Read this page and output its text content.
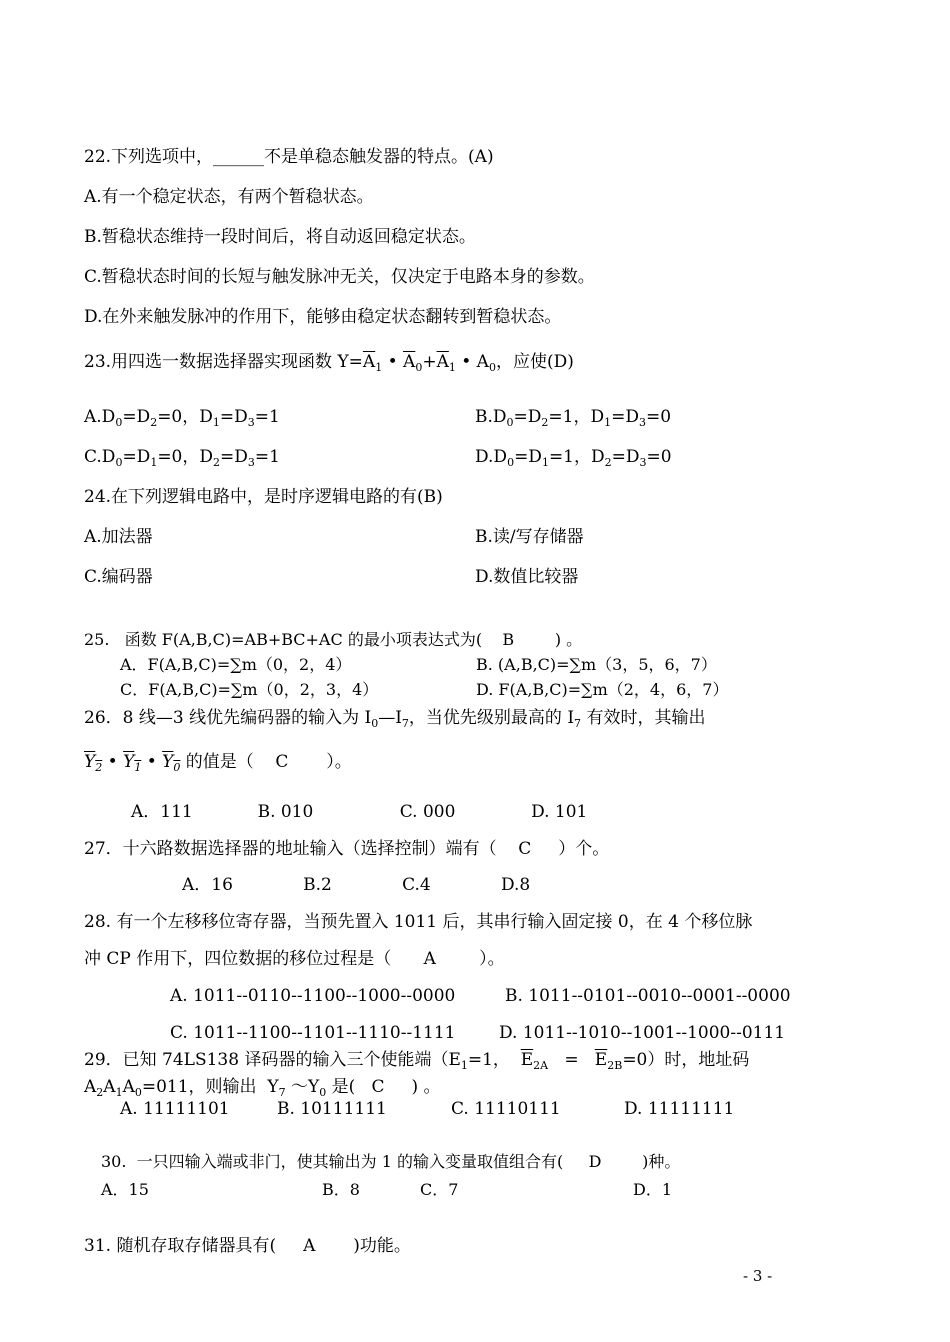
22.下列选项中，______不是单稳态触发器的特点。(A)
A.有一个稳定状态，有两个暂稳状态。
B.暂稳状态维持一段时间后，将自动返回稳定状态。
C.暂稳状态时间的长短与触发脉冲无关，仅决定于电路本身的参数。
D.在外来触发脉冲的作用下，能够由稳定状态翻转到暂稳状态。
23.用四选一数据选择器实现函数 $Y=\overline{A}_1$ • $\overline{A}_0+\overline{A}_1$ • $A_0$，应使(D)
$A.D_0=D_2=0$，$D_1=D_3=1$	$B.D_0=D_2=1$，$D_1=D_3=0$
$C.D_0=D_1=0$，$D_2=D_3=1$	$D.D_0=D_1=1$，$D_2=D_3=0$
24.在下列逻辑电路中，是时序逻辑电路的有(B)
A.加法器	B.读/写存储器
C.编码器	D.数值比较器
25.   函数 F(A,B,C)=AB+BC+AC 的最小项表达式为(    B        ) 。
A．F(A,B,C)=∑m（0，2，4）	B. (A,B,C)=∑m（3，5，6，7）
C．F(A,B,C)=∑m（0，2，3，4）	D. F(A,B,C)=∑m（2，4，6，7）
26．8 线—3 线优先编码器的输入为 $I_0—I_7$，当优先级别最高的 $I_7$ 有效时，其输出
$Y_2$ • $Y_1$ • $Y_0$ 的值是（    C       ）。
A．111            B. 010                C. 000              D. 101
27．十六路数据选择器的地址输入（选择控制）端有（    C     ）个。
A．16             B.2             C.4             D.8
28. 有一个左移移位寄存器，当预先置入 1011 后，其串行输入固定接 0，在 4 个移位脉
冲 CP 作用下，四位数据的移位过程是（      A        ）。
A. 1011--0110--1100--1000--0000	B. 1011--0101--0010--0001--0000
C. 1011--1100--1101--1110--1111	D. 1011--1010--1001--1000--0111
29．已知 74LS138 译码器的输入三个使能端（$E_1=1$，  $\overline{E}_{2A} = \overline{E}_{2B}=0$）时，地址码
$A_2A_1A_0=011$，则输出  $Y_7$ $\sim Y_0$ 是(   C     ) 。
A. 11111101	B. 10111111	C. 11110111	D. 11111111
30.  一只四输入端或非门，使其输出为 1 的输入变量取值组合有(     D        )种。
A．15	B．8	C．7	D．1
31. 随机存取存储器具有(     A       )功能。
- 3 -
